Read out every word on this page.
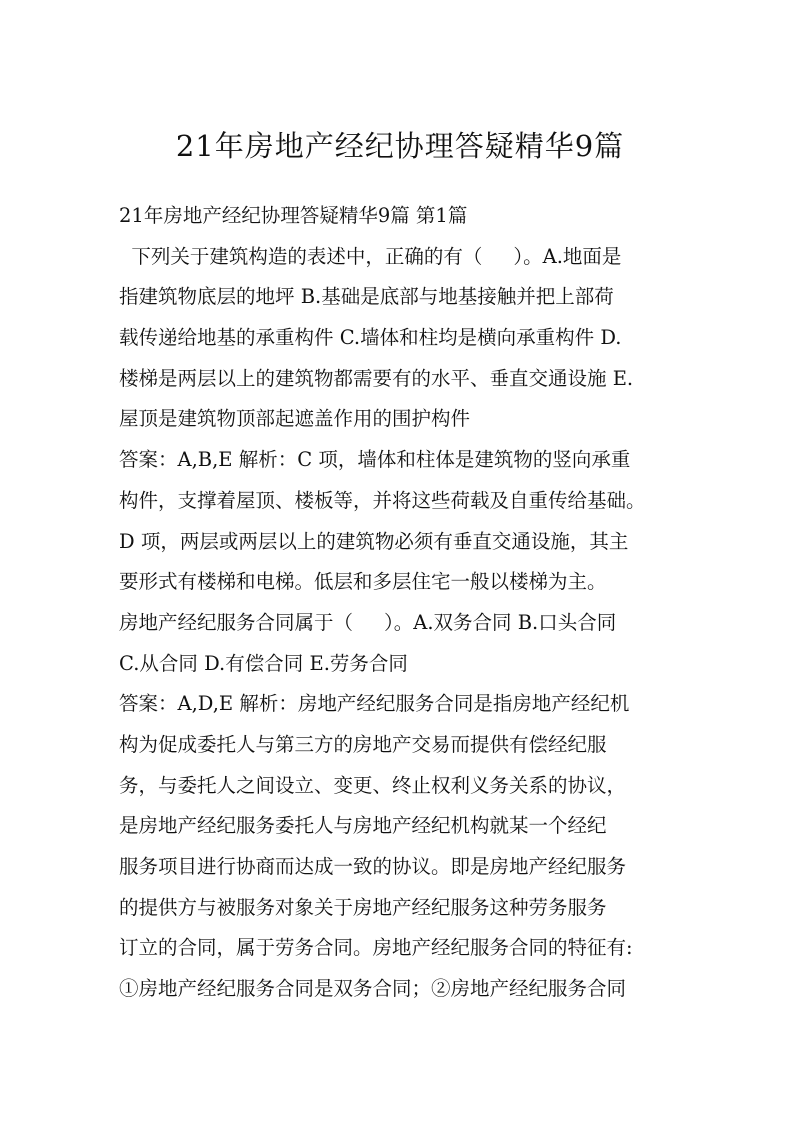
21年房地产经纪协理答疑精华9篇
21年房地产经纪协理答疑精华9篇 第1篇
下列关于建筑构造的表述中，正确的有（     ）。A.地面是
指建筑物底层的地坪 B.基础是底部与地基接触并把上部荷
载传递给地基的承重构件 C.墙体和柱均是横向承重构件 D.
楼梯是两层以上的建筑物都需要有的水平、垂直交通设施 E.
屋顶是建筑物顶部起遮盖作用的围护构件
答案：A,B,E 解析：C 项，墙体和柱体是建筑物的竖向承重
构件，支撑着屋顶、楼板等，并将这些荷载及自重传给基础。
D 项，两层或两层以上的建筑物必须有垂直交通设施，其主
要形式有楼梯和电梯。低层和多层住宅一般以楼梯为主。
房地产经纪服务合同属于（     ）。A.双务合同 B.口头合同
C.从合同 D.有偿合同 E.劳务合同
答案：A,D,E 解析：房地产经纪服务合同是指房地产经纪机
构为促成委托人与第三方的房地产交易而提供有偿经纪服
务，与委托人之间设立、变更、终止权利义务关系的协议，
是房地产经纪服务委托人与房地产经纪机构就某一个经纪
服务项目进行协商而达成一致的协议。即是房地产经纪服务
的提供方与被服务对象关于房地产经纪服务这种劳务服务
订立的合同，属于劳务合同。房地产经纪服务合同的特征有:
①房地产经纪服务合同是双务合同；②房地产经纪服务合同
